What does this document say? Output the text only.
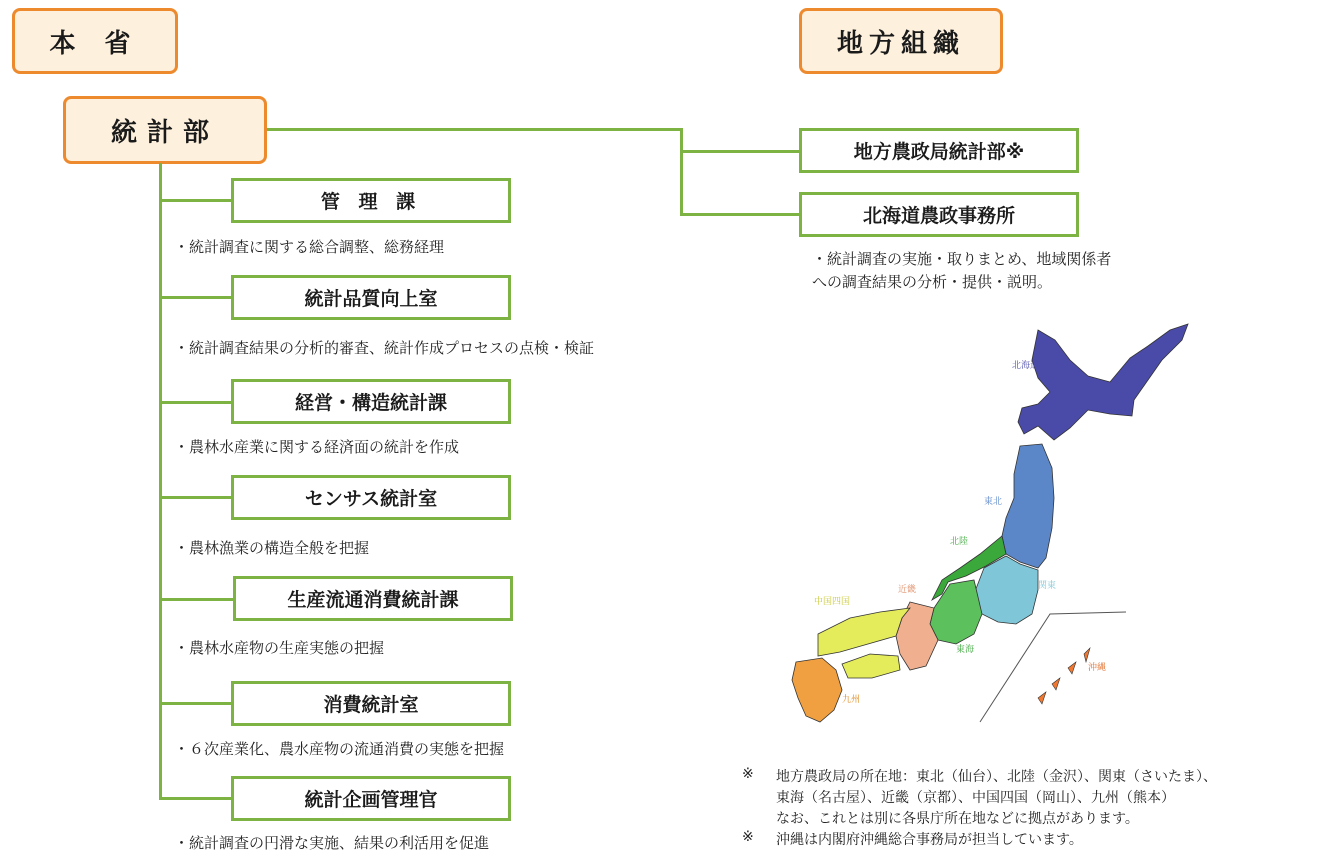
本 省	地方組織
統計部
管 理 課
・統計調査に関する総合調整、総務経理
統計品質向上室
・統計調査結果の分析的審査、統計作成プロセスの点検・検証
経営・構造統計課
・農林水産業に関する経済面の統計を作成
センサス統計室
・農林漁業の構造全般を把握
生産流通消費統計課
・農林水産物の生産実態の把握
消費統計室
・６次産業化、農水産物の流通消費の実態を把握
統計企画管理官
・統計調査の円滑な実施、結果の利活用を促進
地方農政局統計部※
北海道農政事務所
・統計調査の実施・取りまとめ、地域関係者
への調査結果の分析・提供・説明。
北海道
東北
北陸
関東
東海
近畿
中国四国
九州
沖縄
※ 地方農政局の所在地：東北（仙台）、北陸（金沢）、関東（さいたま）、
東海（名古屋）、近畿（京都）、中国四国（岡山）、九州（熊本）
なお、これとは別に各県庁所在地などに拠点があります。
※ 沖縄は内閣府沖縄総合事務局が担当しています。
